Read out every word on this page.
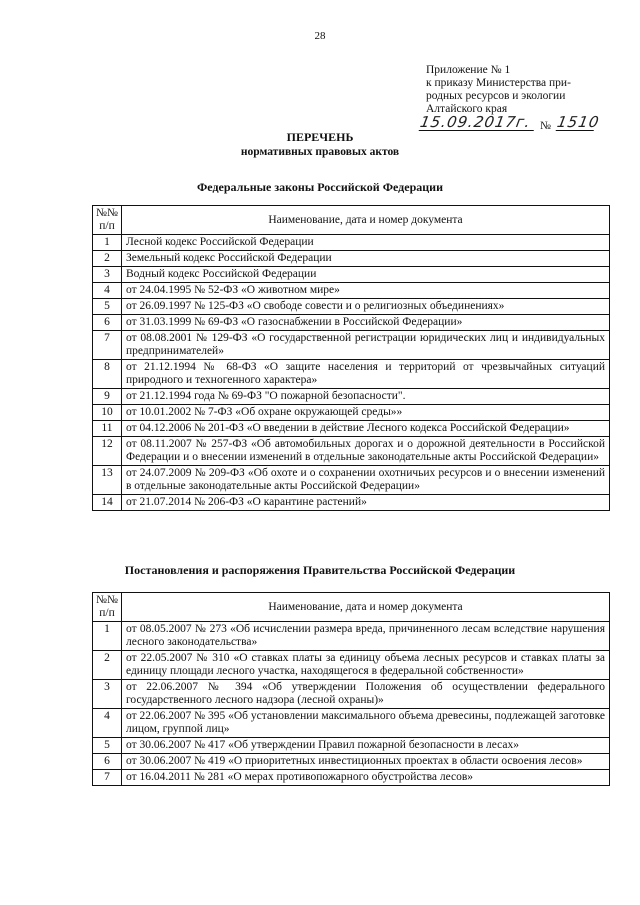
28
Приложение № 1
к приказу Министерства при-
родных ресурсов и экологии
Алтайского края
15.09.2017г. № 1510
ПЕРЕЧЕНЬ
нормативных правовых актов
Федеральные законы Российской Федерации
№№ п/п	Наименование, дата и номер документа
1	Лесной кодекс Российской Федерации
2	Земельный кодекс Российской Федерации
3	Водный кодекс Российской Федерации
4	от 24.04.1995 № 52-ФЗ «О животном мире»
5	от 26.09.1997 № 125-ФЗ «О свободе совести и о религиозных объединениях»
6	от 31.03.1999 № 69-ФЗ «О газоснабжении в Российской Федерации»
7	от 08.08.2001 № 129-ФЗ «О государственной регистрации юридических лиц и индивидуальных предпринимателей»
8	от 21.12.1994 № 68-ФЗ «О защите населения и территорий от чрезвычайных ситуаций природного и техногенного характера»
9	от 21.12.1994 года № 69-ФЗ "О пожарной безопасности".
10	от 10.01.2002 № 7-ФЗ «Об охране окружающей среды»»
11	от 04.12.2006 № 201-ФЗ «О введении в действие Лесного кодекса Российской Федерации»
12	от 08.11.2007 № 257-ФЗ «Об автомобильных дорогах и о дорожной деятельности в Российской Федерации и о внесении изменений в отдельные законодательные акты Российской Федерации»
13	от 24.07.2009 № 209-ФЗ «Об охоте и о сохранении охотничьих ресурсов и о внесении изменений в отдельные законодательные акты Российской Федерации»
14	от 21.07.2014 № 206-ФЗ «О карантине растений»
Постановления и распоряжения Правительства Российской Федерации
№№ п/п	Наименование, дата и номер документа
1	от 08.05.2007 № 273 «Об исчислении размера вреда, причиненного лесам вследствие нарушения лесного законодательства»
2	от 22.05.2007 № 310 «О ставках платы за единицу объема лесных ресурсов и ставках платы за единицу площади лесного участка, находящегося в федеральной собственности»
3	от 22.06.2007 № 394 «Об утверждении Положения об осуществлении федерального государственного лесного надзора (лесной охраны)»
4	от 22.06.2007 № 395 «Об установлении максимального объема древесины, подлежащей заготовке лицом, группой лиц»
5	от 30.06.2007 № 417 «Об утверждении Правил пожарной безопасности в лесах»
6	от 30.06.2007 № 419 «О приоритетных инвестиционных проектах в области освоения лесов»
7	от 16.04.2011 № 281 «О мерах противопожарного обустройства лесов»
